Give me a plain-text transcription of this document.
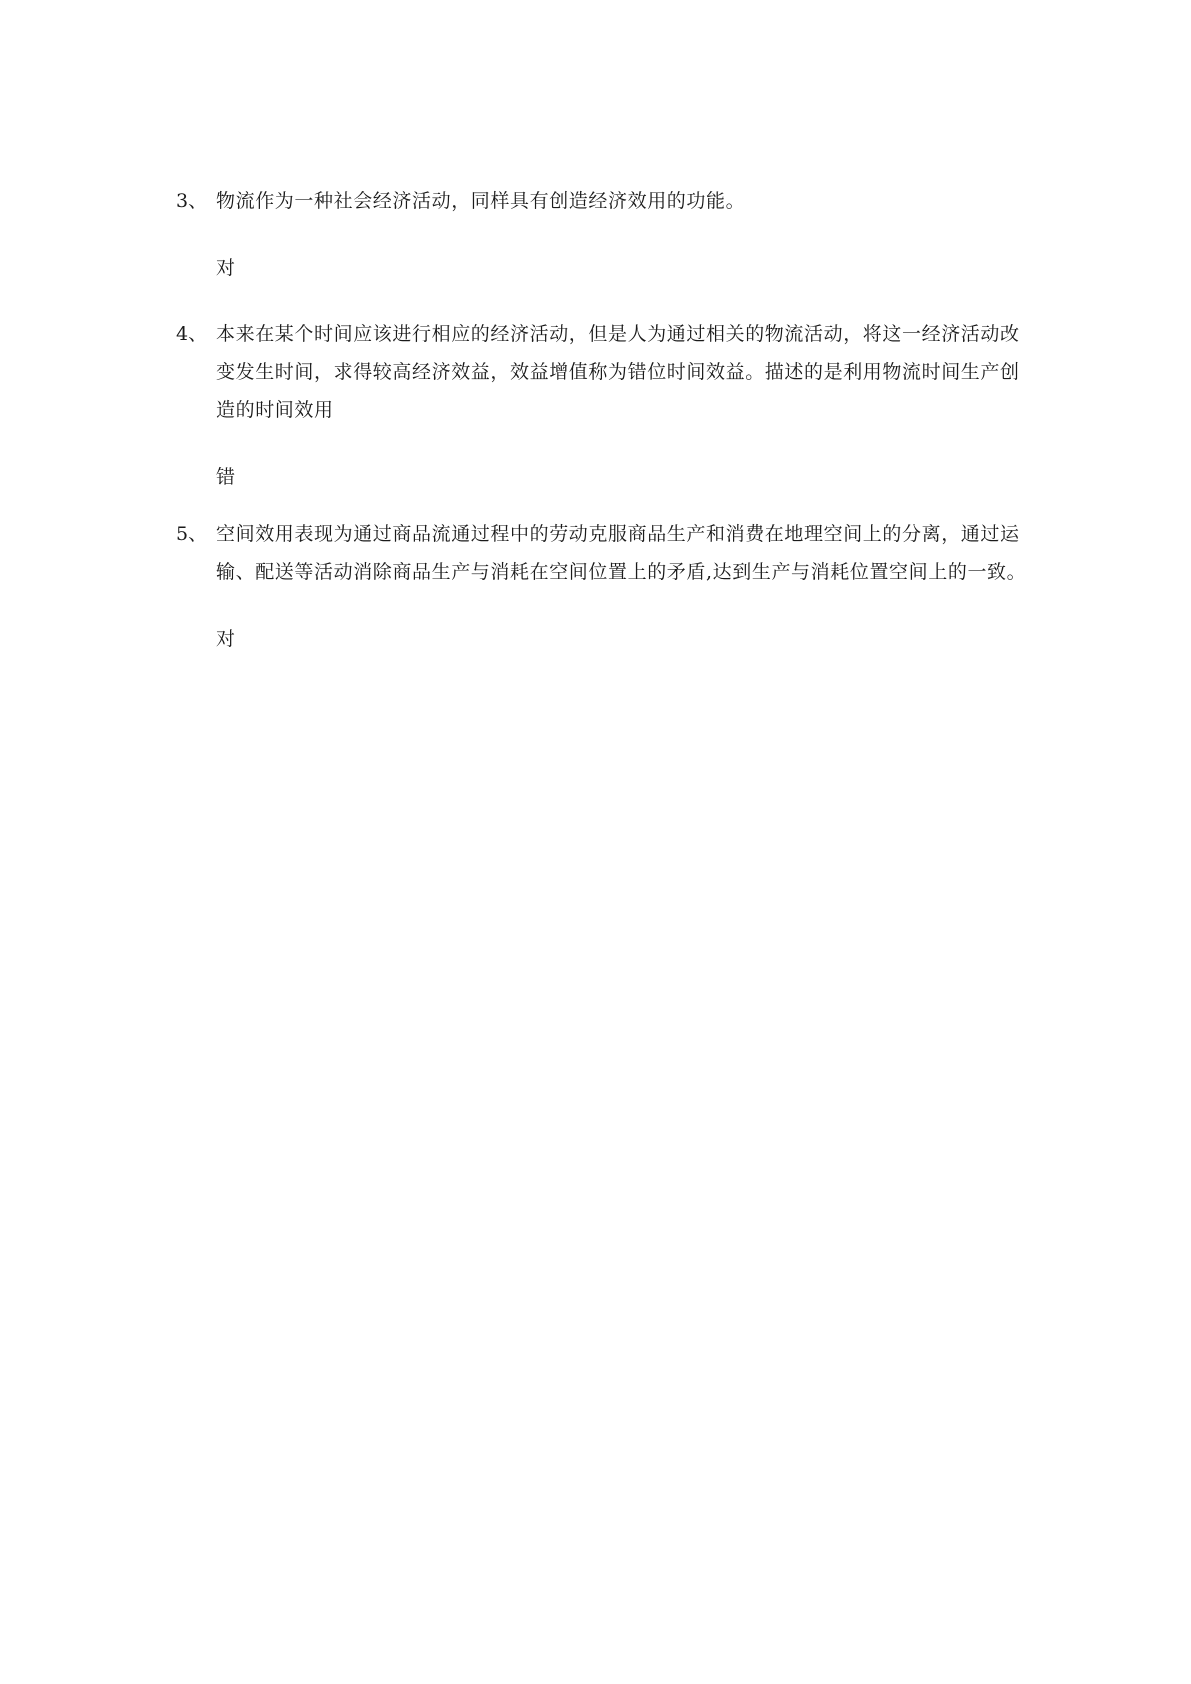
3、 物流作为一种社会经济活动，同样具有创造经济效用的功能。
对
4、 本来在某个时间应该进行相应的经济活动，但是人为通过相关的物流活动，将这一经济活动改变发生时间，求得较高经济效益，效益增值称为错位时间效益。描述的是利用物流时间生产创造的时间效用
错
5、 空间效用表现为通过商品流通过程中的劳动克服商品生产和消费在地理空间上的分离，通过运输、配送等活动消除商品生产与消耗在空间位置上的矛盾,达到生产与消耗位置空间上的一致。
对
